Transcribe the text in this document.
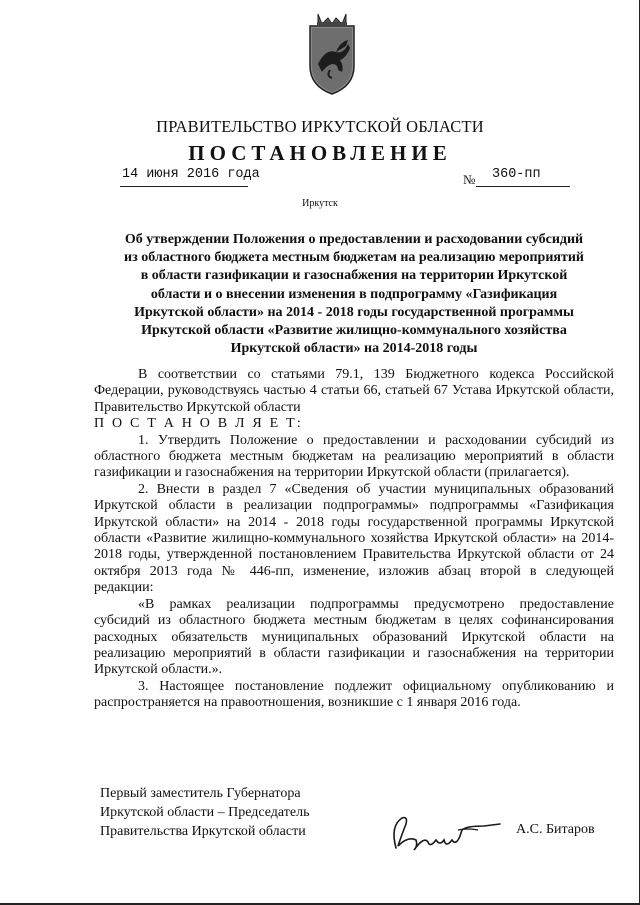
ПРАВИТЕЛЬСТВО ИРКУТСКОЙ ОБЛАСТИ
ПОСТАНОВЛЕНИЕ
14 июня 2016 года	№ 360-пп
Иркутск
Об утверждении Положения о предоставлении и расходовании субсидий
из областного бюджета местным бюджетам на реализацию мероприятий
в области газификации и газоснабжения на территории Иркутской
области и о внесении изменения в подпрограмму «Газификация
Иркутской области» на 2014 - 2018 годы государственной программы
Иркутской области «Развитие жилищно-коммунального хозяйства
Иркутской области» на 2014-2018 годы

В соответствии со статьями 79.1, 139 Бюджетного кодекса Российской Федерации, руководствуясь частью 4 статьи 66, статьей 67 Устава Иркутской области, Правительство Иркутской области

П О С Т А Н О В Л Я Е Т:

1. Утвердить Положение о предоставлении и расходовании субсидий из областного бюджета местным бюджетам на реализацию мероприятий в области газификации и газоснабжения на территории Иркутской области (прилагается).

2. Внести в раздел 7 «Сведения об участии муниципальных образований Иркутской области в реализации подпрограммы» подпрограммы «Газификация Иркутской области» на 2014 - 2018 годы государственной программы Иркутской области «Развитие жилищно-коммунального хозяйства Иркутской области» на 2014-2018 годы, утвержденной постановлением Правительства Иркутской области от 24 октября 2013 года № 446-пп, изменение, изложив абзац второй в следующей редакции:

«В рамках реализации подпрограммы предусмотрено предоставление субсидий из областного бюджета местным бюджетам в целях софинансирования расходных обязательств муниципальных образований Иркутской области на реализацию мероприятий в области газификации и газоснабжения на территории Иркутской области.».

3. Настоящее постановление подлежит официальному опубликованию и распространяется на правоотношения, возникшие с 1 января 2016 года.

Первый заместитель Губернатора
Иркутской области – Председатель
Правительства Иркутской области	А.С. Битаров
